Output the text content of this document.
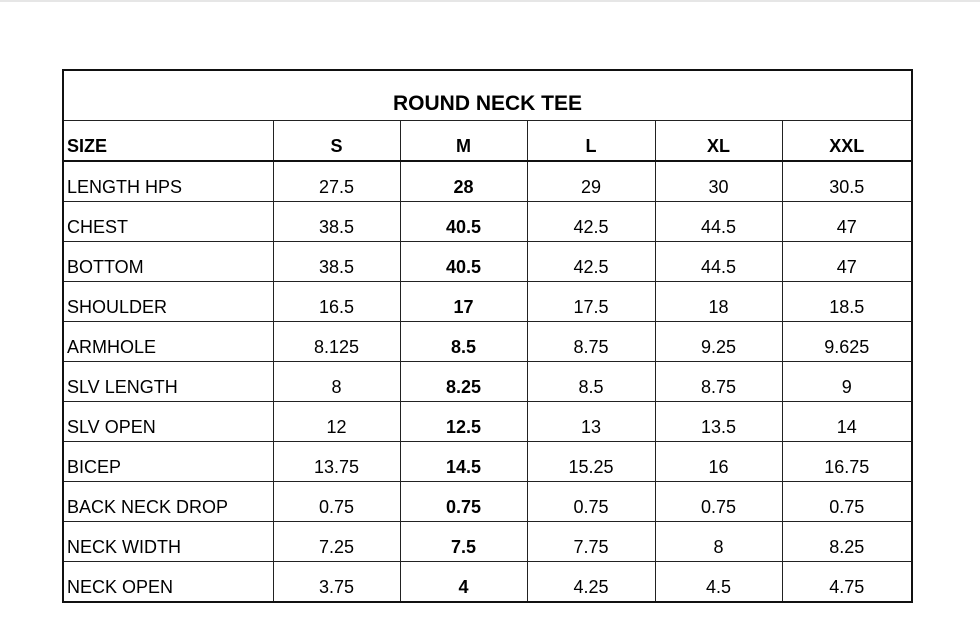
ROUND NECK TEE					
SIZE	S	M	L	XL	XXL
LENGTH HPS	27.5	28	29	30	30.5
CHEST	38.5	40.5	42.5	44.5	47
BOTTOM	38.5	40.5	42.5	44.5	47
SHOULDER	16.5	17	17.5	18	18.5
ARMHOLE	8.125	8.5	8.75	9.25	9.625
SLV LENGTH	8	8.25	8.5	8.75	9
SLV OPEN	12	12.5	13	13.5	14
BICEP	13.75	14.5	15.25	16	16.75
BACK NECK DROP	0.75	0.75	0.75	0.75	0.75
NECK WIDTH	7.25	7.5	7.75	8	8.25
NECK OPEN	3.75	4	4.25	4.5	4.75
